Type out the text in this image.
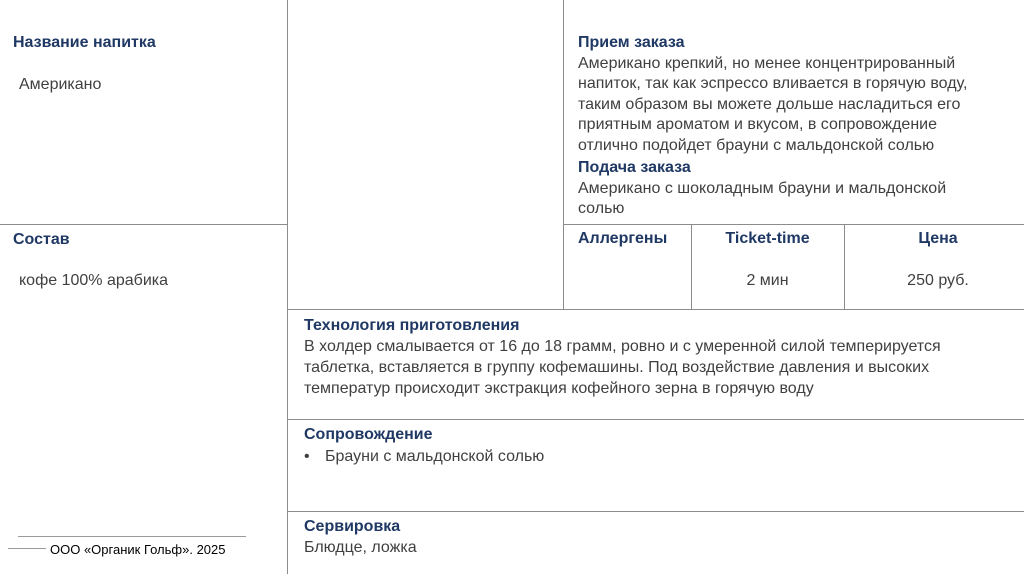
Название напитка
Американо
Состав
кофе 100% арабика
Прием заказа
Американо крепкий, но менее концентрированный
напиток, так как эспрессо вливается в горячую воду,
таким образом вы можете дольше насладиться его
приятным ароматом и вкусом, в сопровождение
отлично подойдет брауни с мальдонской солью
Подача заказа
Американо с шоколадным брауни и мальдонской
солью
Аллергены	Ticket-time
2 мин
Цена
250 руб.
Технология приготовления
В холдер смалывается от 16 до 18 грамм, ровно и с умеренной силой темперируется
таблетка, вставляется в группу кофемашины. Под воздействие давления и высоких
температур происходит экстракция кофейного зерна в горячую воду
Сопровождение
• Брауни с мальдонской солью
Сервировка
Блюдце, ложка
ООО «Органик Гольф». 2025
